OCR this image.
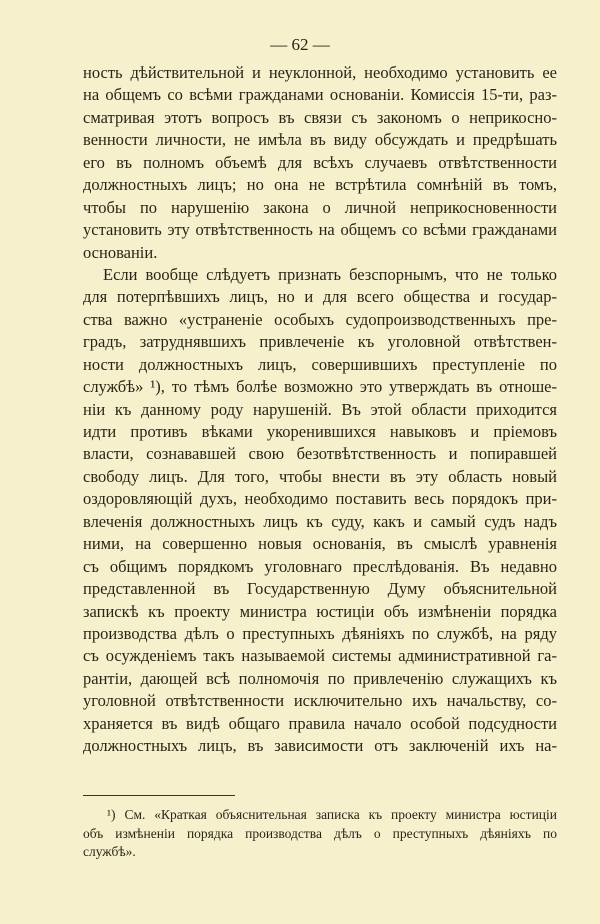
— 62 —
ность дѣйствительной и неуклонной, необходимо установить ее
на общемъ со всѣми гражданами основаніи. Комиссія 15-ти, раз-
сматривая этотъ вопросъ въ связи съ закономъ о неприкосно-
венности личности, не имѣла въ виду обсуждать и предрѣшать
его въ полномъ объемѣ для всѣхъ случаевъ отвѣтственности
должностныхъ лицъ; но она не встрѣтила сомнѣній въ томъ,
чтобы по нарушенію закона о личной неприкосновенности
установить эту отвѣтственность на общемъ со всѣми гражданами
основаніи.
Если вообще слѣдуетъ признать безспорнымъ, что не только
для потерпѣвшихъ лицъ, но и для всего общества и государ-
ства важно «устраненіе особыхъ судопроизводственныхъ пре-
градъ, затруднявшихъ привлеченіе къ уголовной отвѣтствен-
ности должностныхъ лицъ, совершившихъ преступленіе по
службѣ» ¹), то тѣмъ болѣе возможно это утверждать въ отноше-
ніи къ данному роду нарушеній. Въ этой области приходится
идти противъ вѣками укоренившихся навыковъ и пріемовъ
власти, сознававшей свою безотвѣтственность и попиравшей
свободу лицъ. Для того, чтобы внести въ эту область новый
оздоровляющій духъ, необходимо поставить весь порядокъ при-
влеченія должностныхъ лицъ къ суду, какъ и самый судъ надъ
ними, на совершенно новыя основанія, въ смыслѣ уравненія
съ общимъ порядкомъ уголовнаго преслѣдованія. Въ недавно
представленной въ Государственную Думу объяснительной
запискѣ къ проекту министра юстиціи объ измѣненіи порядка
производства дѣлъ о преступныхъ дѣяніяхъ по службѣ, на ряду
съ осужденіемъ такъ называемой системы административной га-
рантіи, дающей всѣ полномочія по привлеченію служащихъ къ
уголовной отвѣтственности исключительно ихъ начальству, со-
храняется въ видѣ общаго правила начало особой подсудности
должностныхъ лицъ, въ зависимости отъ заключеній ихъ на-
¹) См. «Краткая объяснительная записка къ проекту министра юстиціи
объ измѣненіи порядка производства дѣлъ о преступныхъ дѣяніяхъ по
службѣ».
